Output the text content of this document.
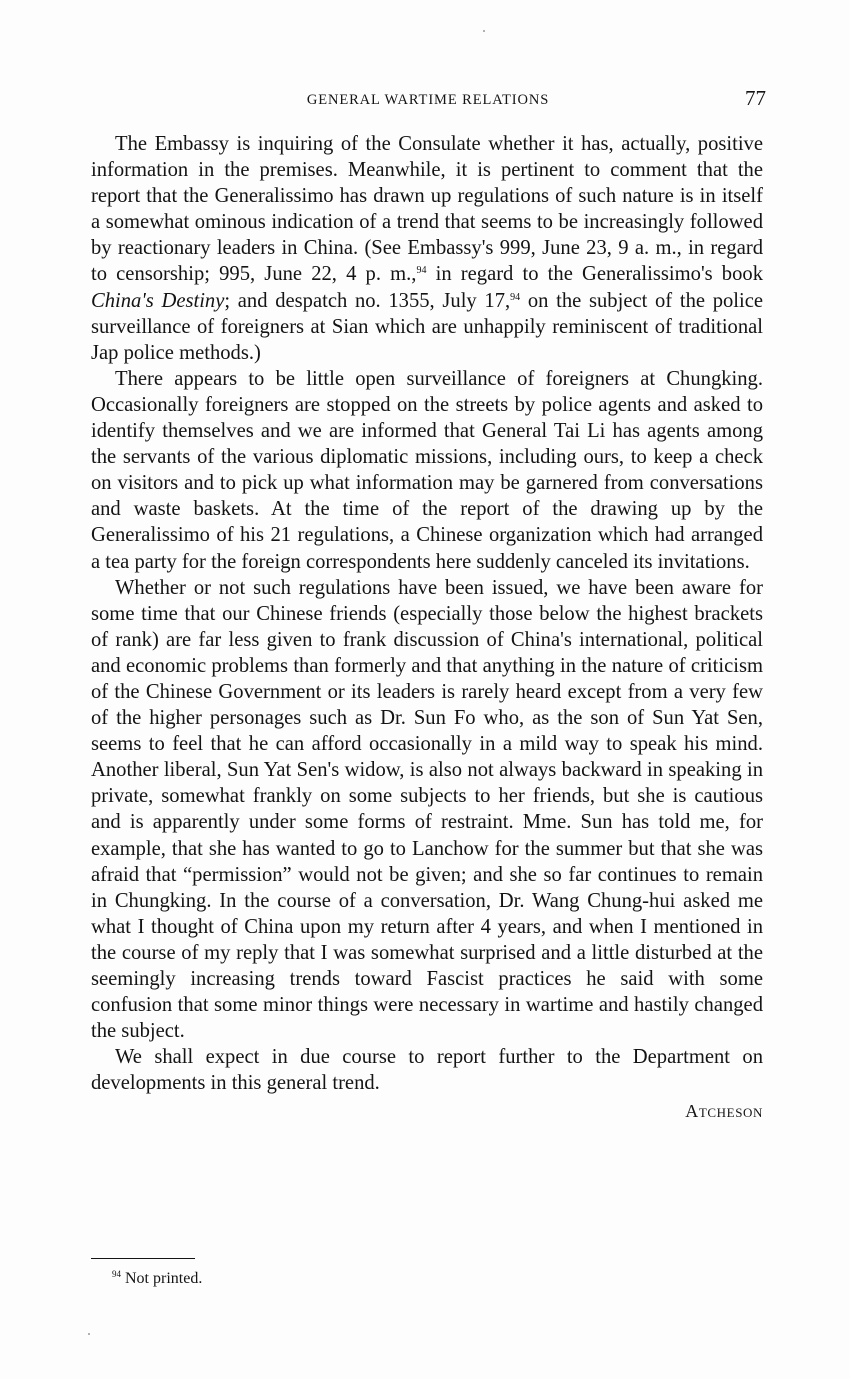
GENERAL WARTIME RELATIONS	77

The Embassy is inquiring of the Consulate whether it has, actually, positive information in the premises. Meanwhile, it is pertinent to comment that the report that the Generalissimo has drawn up regulations of such nature is in itself a somewhat ominous indication of a trend that seems to be increasingly followed by reactionary leaders in China. (See Embassy's 999, June 23, 9 a. m., in regard to censorship; 995, June 22, 4 p. m.,$^{94}$ in regard to the Generalissimo's book China's Destiny; and despatch no. 1355, July 17,94 on the subject of the police surveillance of foreigners at Sian which are unhappily reminiscent of traditional Jap police methods.)

There appears to be little open surveillance of foreigners at Chungking. Occasionally foreigners are stopped on the streets by police agents and asked to identify themselves and we are informed that General Tai Li has agents among the servants of the various diplomatic missions, including ours, to keep a check on visitors and to pick up what information may be garnered from conversations and waste baskets. At the time of the report of the drawing up by the Generalissimo of his 21 regulations, a Chinese organization which had arranged a tea party for the foreign correspondents here suddenly canceled its invitations.

Whether or not such regulations have been issued, we have been aware for some time that our Chinese friends (especially those below the highest brackets of rank) are far less given to frank discussion of China's international, political and economic problems than formerly and that anything in the nature of criticism of the Chinese Government or its leaders is rarely heard except from a very few of the higher personages such as Dr. Sun Fo who, as the son of Sun Yat Sen, seems to feel that he can afford occasionally in a mild way to speak his mind. Another liberal, Sun Yat Sen's widow, is also not always backward in speaking in private, somewhat frankly on some subjects to her friends, but she is cautious and is apparently under some forms of restraint. Mme. Sun has told me, for example, that she has wanted to go to Lanchow for the summer but that she was afraid that “permission” would not be given; and she so far continues to remain in Chungking. In the course of a conversation, Dr. Wang Chung-hui asked me what I thought of China upon my return after 4 years, and when I mentioned in the course of my reply that I was somewhat surprised and a little disturbed at the seemingly increasing trends toward Fascist practices he said with some confusion that some minor things were necessary in wartime and hastily changed the subject.

We shall expect in due course to report further to the Department on developments in this general trend.

Atcheson
$^{94}$ Not printed.
